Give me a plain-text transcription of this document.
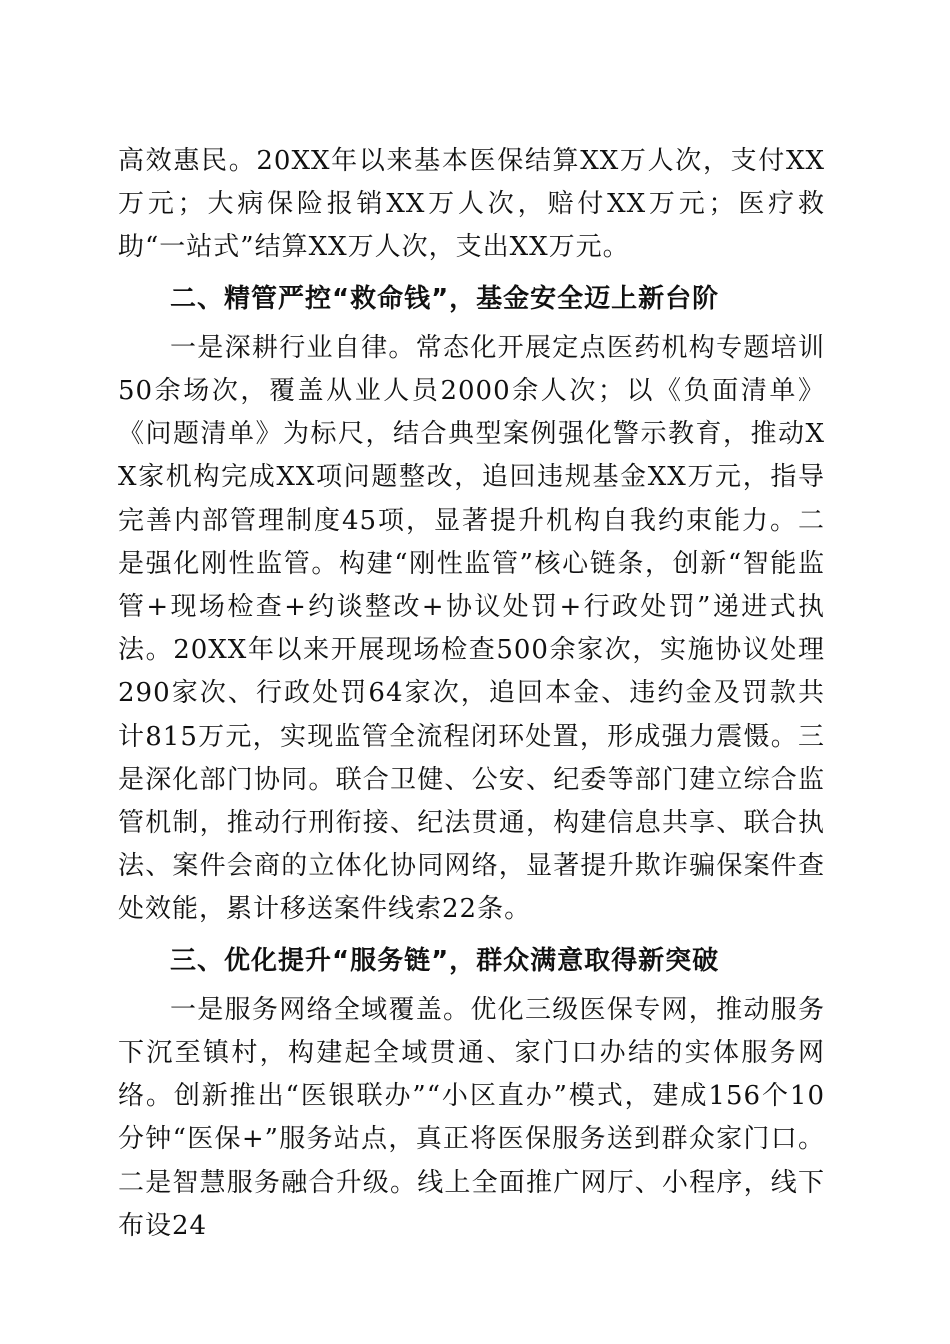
高效惠民。20XX年以来基本医保结算XX万人次，支付XX万元；大病保险报销XX万人次，赔付XX万元；医疗救助“一站式”结算XX万人次，支出XX万元。

二、精管严控“救命钱”，基金安全迈上新台阶

一是深耕行业自律。常态化开展定点医药机构专题培训50余场次，覆盖从业人员2000余人次；以《负面清单》《问题清单》为标尺，结合典型案例强化警示教育，推动XX家机构完成XX项问题整改，追回违规基金XX万元，指导完善内部管理制度45项，显著提升机构自我约束能力。二是强化刚性监管。构建“刚性监管”核心链条，创新“智能监管+现场检查+约谈整改+协议处罚+行政处罚”递进式执法。20XX年以来开展现场检查500余家次，实施协议处理290家次、行政处罚64家次，追回本金、违约金及罚款共计815万元，实现监管全流程闭环处置，形成强力震慑。三是深化部门协同。联合卫健、公安、纪委等部门建立综合监管机制，推动行刑衔接、纪法贯通，构建信息共享、联合执法、案件会商的立体化协同网络，显著提升欺诈骗保案件查处效能，累计移送案件线索22条。

三、优化提升“服务链”，群众满意取得新突破

一是服务网络全域覆盖。优化三级医保专网，推动服务下沉至镇村，构建起全域贯通、家门口办结的实体服务网络。创新推出“医银联办”“小区直办”模式，建成156个10分钟“医保+”服务站点，真正将医保服务送到群众家门口。二是智慧服务融合升级。线上全面推广网厅、小程序，线下布设24
